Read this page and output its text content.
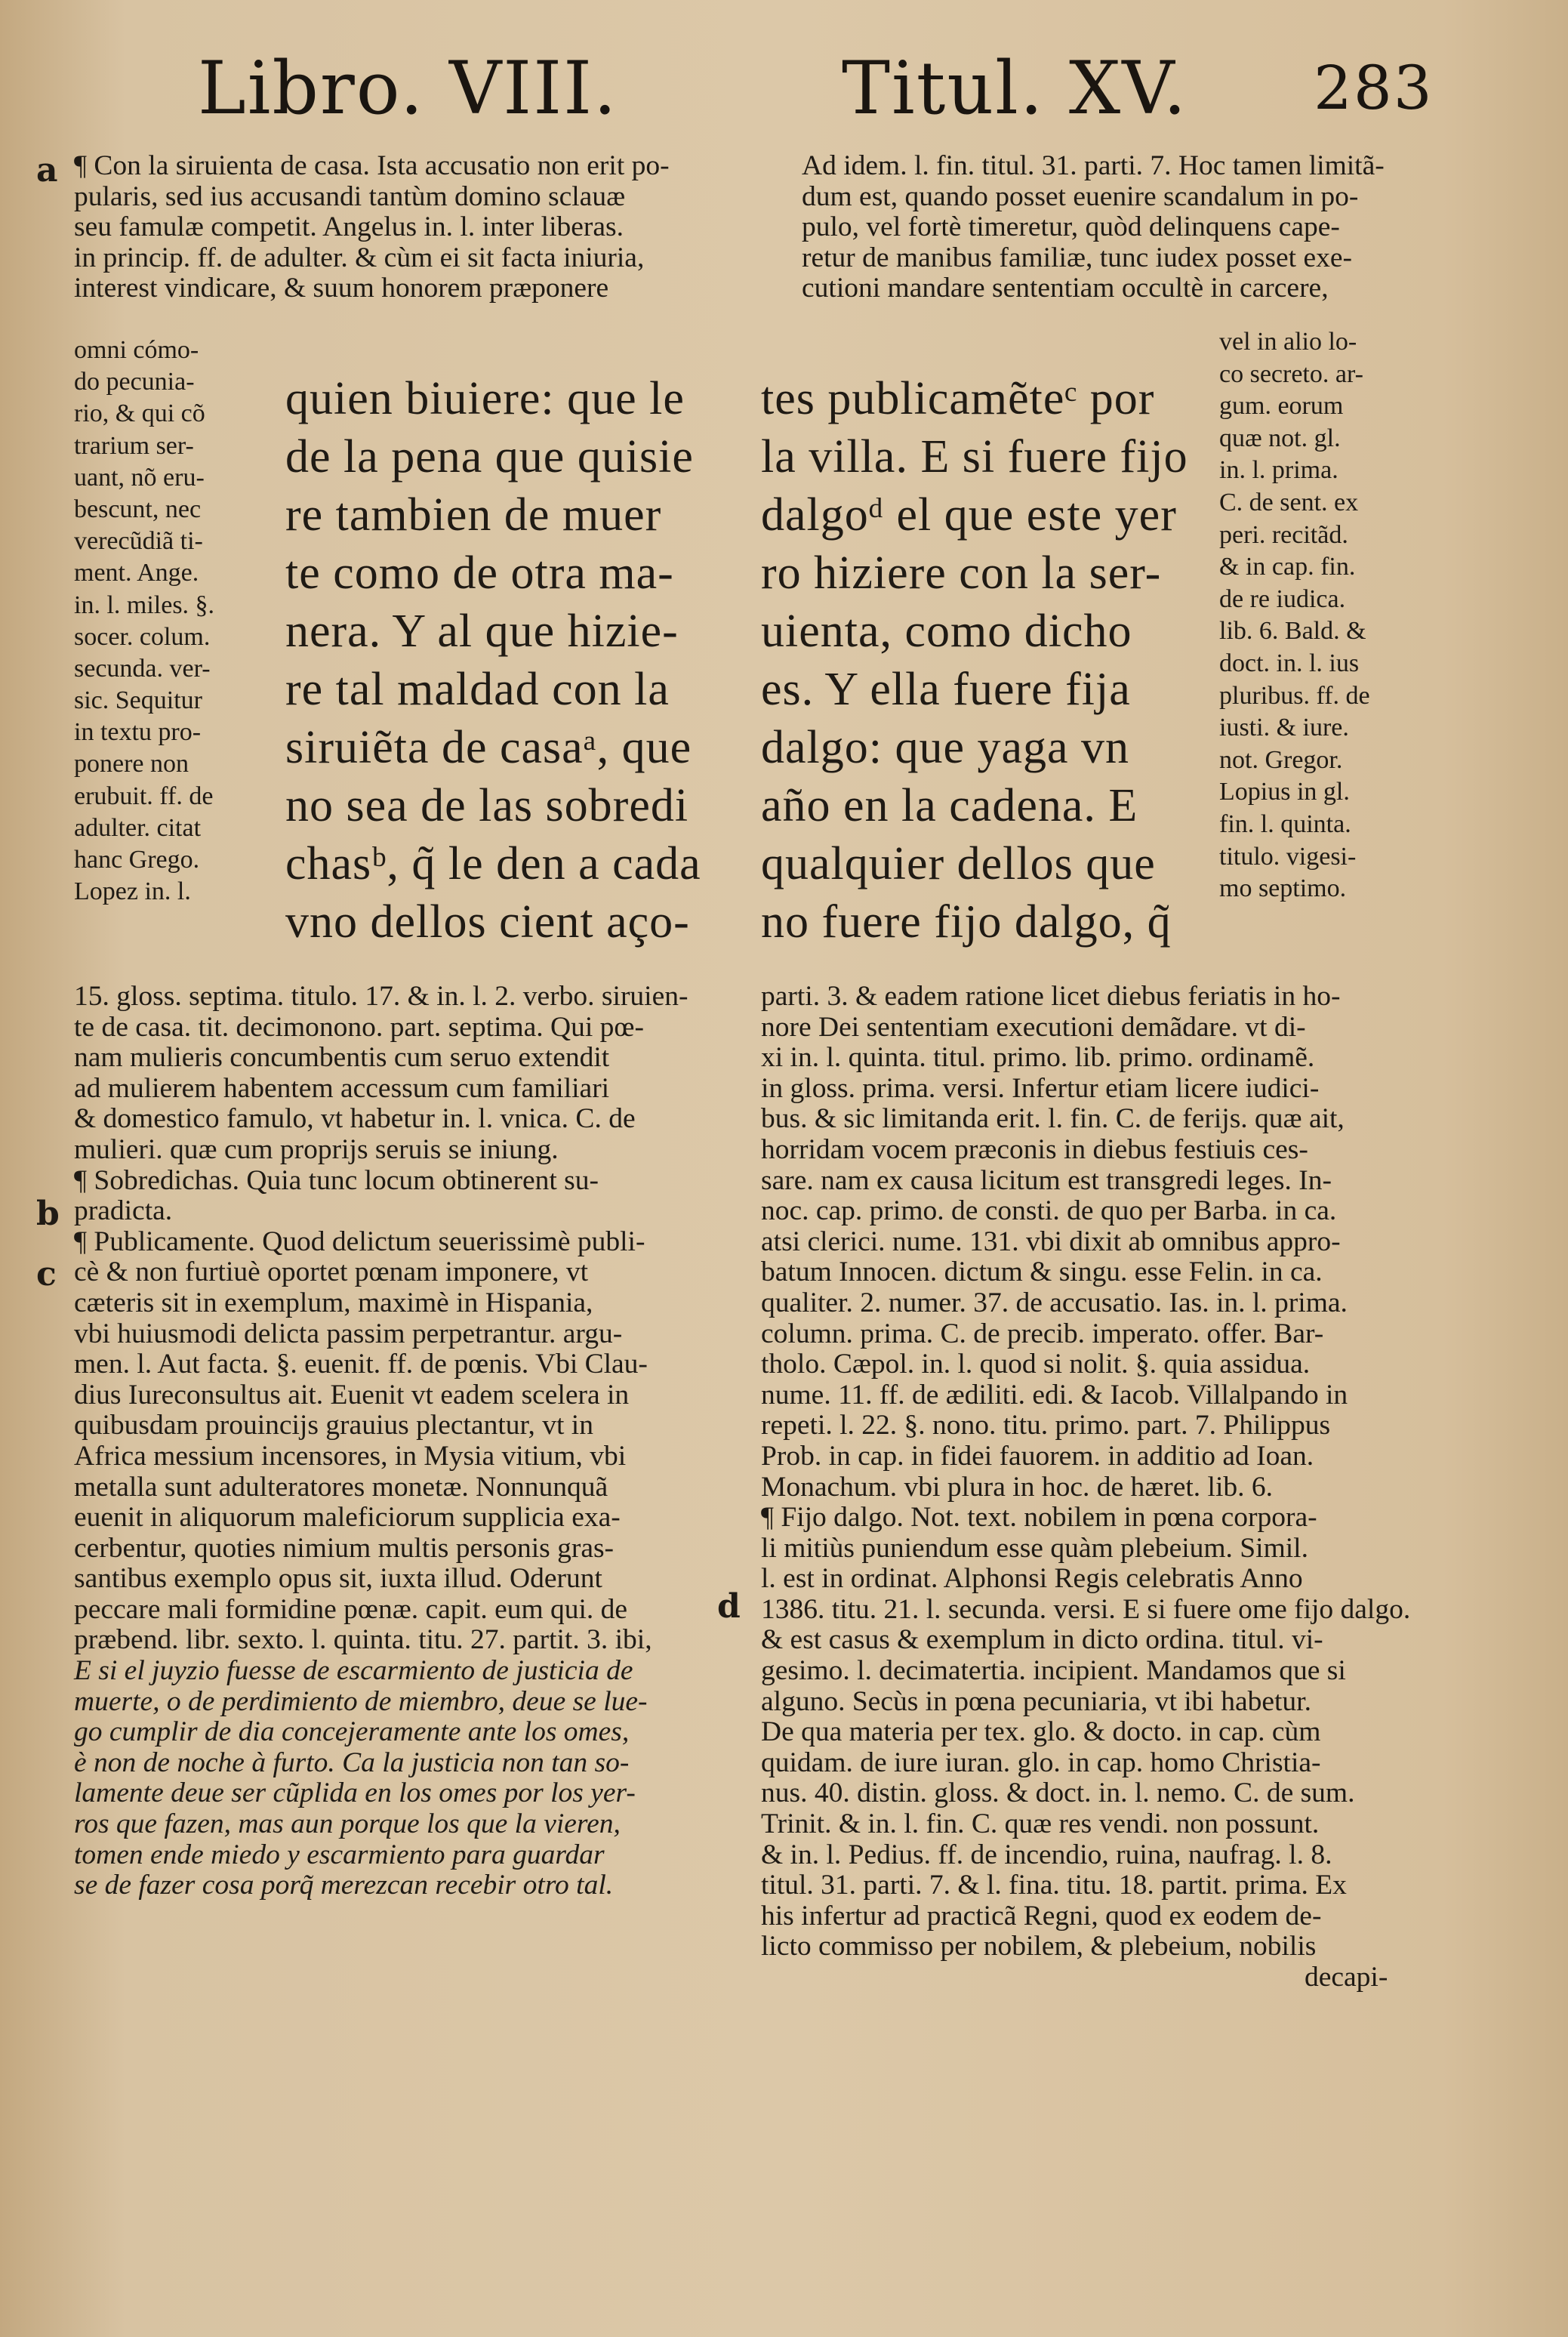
Libro. VIII.	Titul. XV. 283
a
b
c
d
¶ Con la siruienta de casa. Ista accusatio non erit po-
pularis, sed ius accusandi tantùm domino sclauæ
seu famulæ competit. Angelus in. l. inter liberas.
in princip. ff. de adulter. & cùm ei sit facta iniuria,
interest vindicare, & suum honorem præponere
omni cómo-
do pecunia-
rio, & qui cõ
trarium ser-
uant, nõ eru-
bescunt, nec
verecũdiã ti-
ment. Ange.
in. l. miles. §.
socer. colum.
secunda. ver-
sic. Sequitur
in textu pro-
ponere non
erubuit. ff. de
adulter. citat
hanc Grego.
Lopez in. l.
quien biuiere: que le
de la pena que quisie
re tambien de muer
te como de otra ma-
nera. Y al que hizie-
re tal maldad con la
siruiẽta de casaᵃ, que
no sea de las sobredi
chasᵇ, q̃ le den a cada
vno dellos cient aço-
15. gloss. septima. titulo. 17. & in. l. 2. verbo. siruien-
te de casa. tit. decimonono. part. septima. Qui pœ-
nam mulieris concumbentis cum seruo extendit
ad mulierem habentem accessum cum familiari
& domestico famulo, vt habetur in. l. vnica. C. de
mulieri. quæ cum proprijs seruis se iniung.
¶ Sobredichas. Quia tunc locum obtinerent su-
pradicta.
¶ Publicamente. Quod delictum seuerissimè publi-
cè & non furtiuè oportet pœnam imponere, vt
cæteris sit in exemplum, maximè in Hispania,
vbi huiusmodi delicta passim perpetrantur. argu-
men. l. Aut facta. §. euenit. ff. de pœnis. Vbi Clau-
dius Iureconsultus ait. Euenit vt eadem scelera in
quibusdam prouincijs grauius plectantur, vt in
Africa messium incensores, in Mysia vitium, vbi
metalla sunt adulteratores monetæ. Nonnunquã
euenit in aliquorum maleficiorum supplicia exa-
cerbentur, quoties nimium multis personis gras-
santibus exemplo opus sit, iuxta illud. Oderunt
peccare mali formidine pœnæ. capit. eum qui. de
præbend. libr. sexto. l. quinta. titu. 27. partit. 3. ibi,
E si el juyzio fuesse de escarmiento de justicia de
muerte, o de perdimiento de miembro, deue se lue-
go cumplir de dia concejeramente ante los omes,
è non de noche à furto. Ca la justicia non tan so-
lamente deue ser cũplida en los omes por los yer-
ros que fazen, mas aun porque los que la vieren,
tomen ende miedo y escarmiento para guardar
se de fazer cosa porq̃ merezcan recebir otro tal.
Ad idem. l. fin. titul. 31. parti. 7. Hoc tamen limitã-
dum est, quando posset euenire scandalum in po-
pulo, vel fortè timeretur, quòd delinquens cape-
retur de manibus familiæ, tunc iudex posset exe-
cutioni mandare sententiam occultè in carcere,
tes publicamẽteᶜ por
la villa. E si fuere fijo
dalgoᵈ el que este yer
ro hiziere con la ser-
uienta, como dicho
es. Y ella fuere fija
dalgo: que yaga vn
año en la cadena. E
qualquier dellos que
no fuere fijo dalgo, q̃
vel in alio lo-
co secreto. ar-
gum. eorum
quæ not. gl.
in. l. prima.
C. de sent. ex
peri. recitãd.
& in cap. fin.
de re iudica.
lib. 6. Bald. &
doct. in. l. ius
pluribus. ff. de
iusti. & iure.
not. Gregor.
Lopius in gl.
fin. l. quinta.
titulo. vigesi-
mo septimo.
parti. 3. & eadem ratione licet diebus feriatis in ho-
nore Dei sententiam executioni demãdare. vt di-
xi in. l. quinta. titul. primo. lib. primo. ordinamẽ.
in gloss. prima. versi. Infertur etiam licere iudici-
bus. & sic limitanda erit. l. fin. C. de ferijs. quæ ait,
horridam vocem præconis in diebus festiuis ces-
sare. nam ex causa licitum est transgredi leges. In-
noc. cap. primo. de consti. de quo per Barba. in ca.
atsi clerici. nume. 131. vbi dixit ab omnibus appro-
batum Innocen. dictum & singu. esse Felin. in ca.
qualiter. 2. numer. 37. de accusatio. Ias. in. l. prima.
column. prima. C. de precib. imperato. offer. Bar-
tholo. Cæpol. in. l. quod si nolit. §. quia assidua.
nume. 11. ff. de ædiliti. edi. & Iacob. Villalpando in
repeti. l. 22. §. nono. titu. primo. part. 7. Philippus
Prob. in cap. in fidei fauorem. in additio ad Ioan.
Monachum. vbi plura in hoc. de hæret. lib. 6.
¶ Fijo dalgo. Not. text. nobilem in pœna corpora-
li mitiùs puniendum esse quàm plebeium. Simil.
l. est in ordinat. Alphonsi Regis celebratis Anno
1386. titu. 21. l. secunda. versi. E si fuere ome fijo dalgo.
& est casus & exemplum in dicto ordina. titul. vi-
gesimo. l. decimatertia. incipient. Mandamos que si
alguno. Secùs in pœna pecuniaria, vt ibi habetur.
De qua materia per tex. glo. & docto. in cap. cùm
quidam. de iure iuran. glo. in cap. homo Christia-
nus. 40. distin. gloss. & doct. in. l. nemo. C. de sum.
Trinit. & in. l. fin. C. quæ res vendi. non possunt.
& in. l. Pedius. ff. de incendio, ruina, naufrag. l. 8.
titul. 31. parti. 7. & l. fina. titu. 18. partit. prima. Ex
his infertur ad practicã Regni, quod ex eodem de-
licto commisso per nobilem, & plebeium, nobilis
decapi-
